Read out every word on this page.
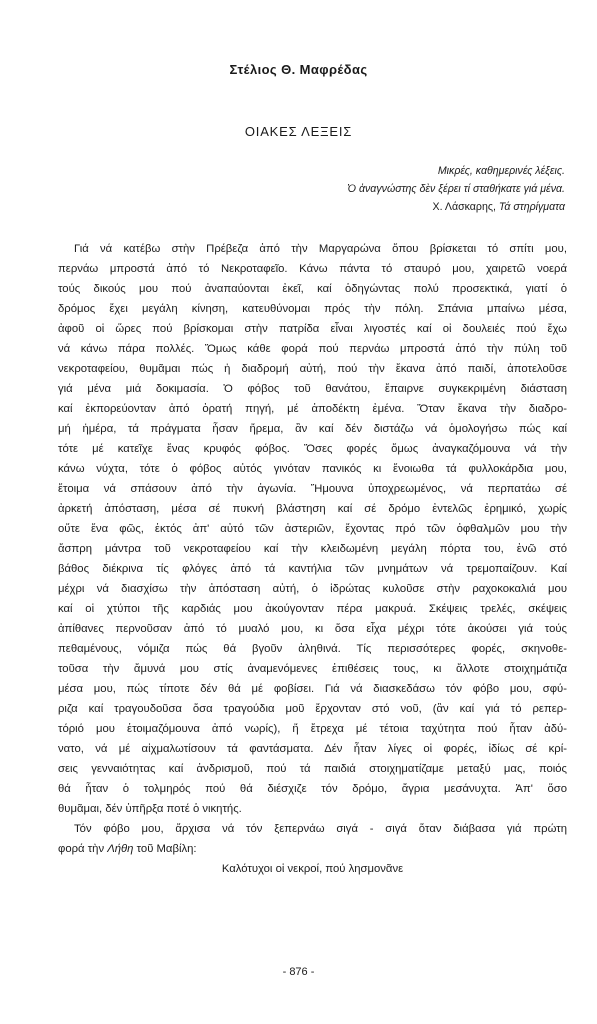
Στέλιος Θ. Μαφρέδας
ΟΙΑΚΕΣ ΛΕΞΕΙΣ
Μικρές, καθημερινές λέξεις.
Ὁ ἀναγνώστης δὲν ξέρει τί σταθήκατε γιά μένα.
Χ. Λάσκαρης, Τά στηρίγματα
Γιά νά κατέβω στὴν Πρέβεζα ἀπό τὴν Μαργαρώνα ὅπου βρίσκεται τό σπίτι μου,
περνάω μπροστά ἀπό τό Νεκροταφεῖο. Κάνω πάντα τό σταυρό μου, χαιρετῶ νοερά
τούς δικούς μου πού ἀναπαύονται ἐκεῖ, καί ὁδηγώντας πολύ προσεκτικά, γιατί ὁ
δρόμος ἔχει μεγάλη κίνηση, κατευθύνομαι πρός τὴν πόλη. Σπάνια μπαίνω μέσα,
ἀφοῦ οἱ ὥρες πού βρίσκομαι στὴν πατρίδα εἶναι λιγοστές καί οἱ δουλειές πού ἔχω
νά κάνω πάρα πολλές. Ὅμως κάθε φορά πού περνάω μπροστά ἀπό τὴν πύλη τοῦ
νεκροταφείου, θυμᾶμαι πώς ἡ διαδρομή αὐτή, πού τὴν ἔκανα ἀπό παιδί, ἀποτελοῦσε
γιά μένα μιά δοκιμασία. Ὁ φόβος τοῦ θανάτου, ἔπαιρνε συγκεκριμένη διάσταση
καί ἐκπορεύονταν ἀπό ὁρατή πηγή, μέ ἀποδέκτη ἐμένα. Ὅταν ἔκανα τὴν διαδρο-
μή ἡμέρα, τά πράγματα ἦσαν ἤρεμα, ἂν καί δέν διστάζω νά ὁμολογήσω πώς καί
τότε μέ κατεῖχε ἕνας κρυφός φόβος. Ὅσες φορές ὅμως ἀναγκαζόμουνα νά τὴν
κάνω νύχτα, τότε ὁ φόβος αὐτός γινόταν πανικός κι ἔνοιωθα τά φυλλοκάρδια μου,
ἕτοιμα νά σπάσουν ἀπό τὴν ἀγωνία. Ἤμουνα ὑποχρεωμένος, νά περπατάω σέ
ἀρκετή ἀπόσταση, μέσα σέ πυκνή βλάστηση καί σέ δρόμο ἐντελῶς ἐρημικό, χωρίς
οὔτε ἕνα φῶς, ἐκτός ἀπ' αὐτό τῶν ἀστεριῶν, ἔχοντας πρό τῶν ὀφθαλμῶν μου τὴν
ἄσπρη μάντρα τοῦ νεκροταφείου καί τὴν κλειδωμένη μεγάλη πόρτα του, ἐνῶ στό
βάθος διέκρινα τίς φλόγες ἀπό τά καντήλια τῶν μνημάτων νά τρεμοπαίζουν. Καί
μέχρι νά διασχίσω τὴν ἀπόσταση αὐτή, ὁ ἱδρώτας κυλοῦσε στὴν ραχοκοκαλιά μου
καί οἱ χτύποι τῆς καρδιάς μου ἀκούγονταν πέρα μακρυά. Σκέψεις τρελές, σκέψεις
ἀπίθανες περνοῦσαν ἀπό τό μυαλό μου, κι ὅσα εἶχα μέχρι τότε ἀκούσει γιά τούς
πεθαμένους, νόμιζα πώς θά βγοῦν ἀληθινά. Τίς περισσότερες φορές, σκηνοθε-
τοῦσα τὴν ἄμυνά μου στίς ἀναμενόμενες ἐπιθέσεις τους, κι ἄλλοτε στοιχημάτιζα
μέσα μου, πώς τίποτε δέν θά μέ φοβίσει. Γιά νά διασκεδάσω τόν φόβο μου, σφύ-
ριζα καί τραγουδοῦσα ὅσα τραγούδια μοῦ ἔρχονταν στό νοῦ, (ἂν καί γιά τό ρεπερ-
τόριό μου ἑτοιμαζόμουνα ἀπό νωρίς), ἤ ἔτρεχα μέ τέτοια ταχύτητα πού ἦταν ἀδύ-
νατο, νά μέ αἰχμαλωτίσουν τά φαντάσματα. Δέν ἦταν λίγες οἱ φορές, ἰδίως σέ κρί-
σεις γενναιότητας καί ἀνδρισμοῦ, πού τά παιδιά στοιχηματίζαμε μεταξύ μας, ποιός
θά ἦταν ὁ τολμηρός πού θά διέσχιζε τόν δρόμο, ἄγρια μεσάνυχτα. Ἀπ' ὅσο
θυμᾶμαι, δέν ὑπῆρξα ποτέ ὁ νικητής.
Τόν φόβο μου, ἄρχισα νά τόν ξεπερνάω σιγά - σιγά ὅταν διάβασα γιά πρώτη
φορά τὴν Λήθη τοῦ Μαβίλη:
Καλότυχοι οἱ νεκροί, πού λησμονᾶνε
- 876 -
